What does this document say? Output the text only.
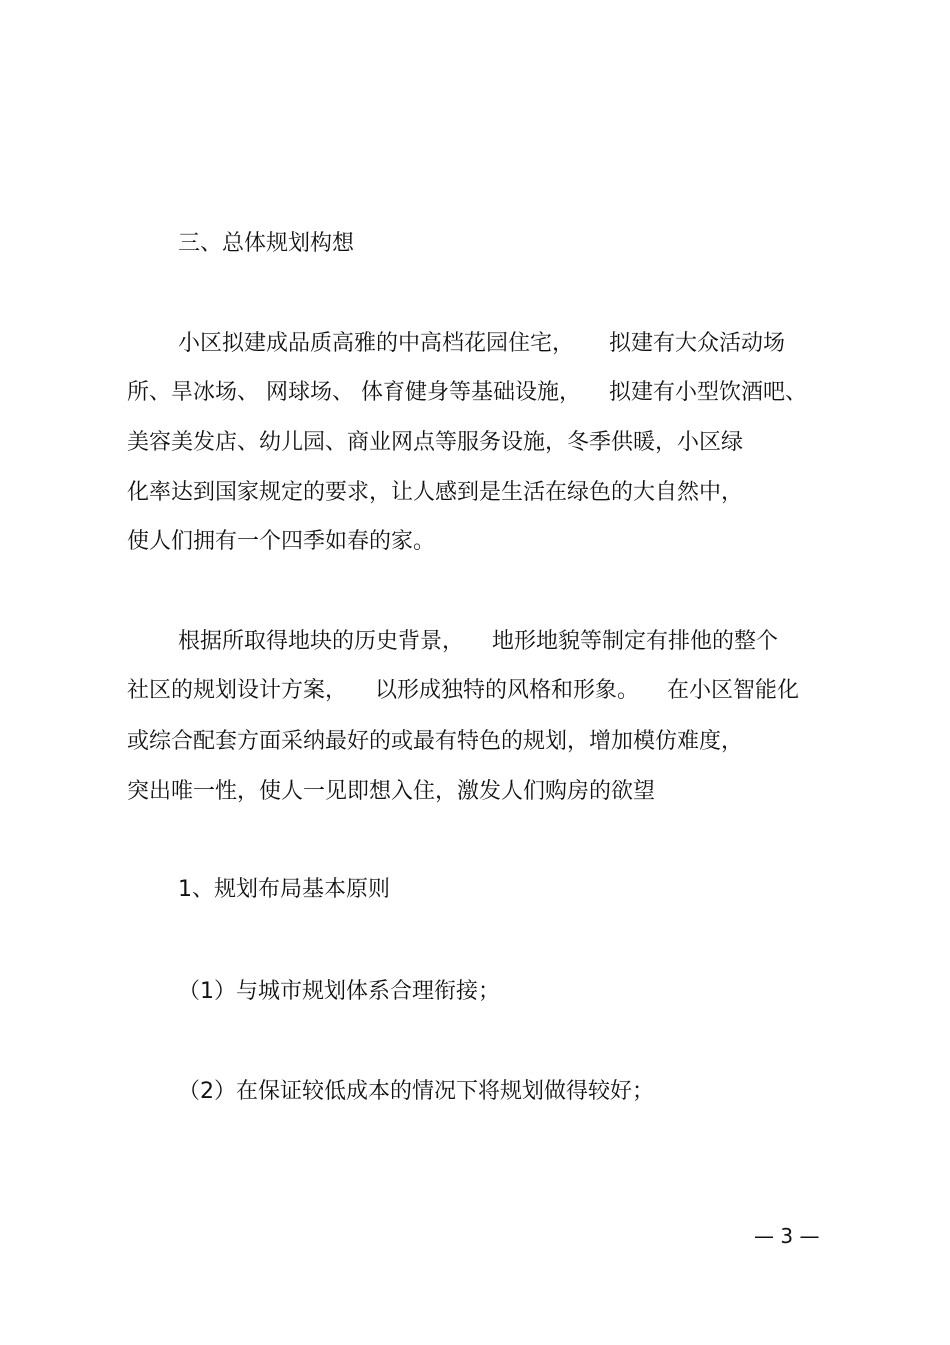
三、总体规划构想

小区拟建成品质高雅的中高档花园住宅，     拟建有大众活动场

所、旱冰场、 网球场、 体育健身等基础设施，    拟建有小型饮酒吧、

美容美发店、幼儿园、商业网点等服务设施，冬季供暖，小区绿

化率达到国家规定的要求，让人感到是生活在绿色的大自然中，

使人们拥有一个四季如春的家。

根据所取得地块的历史背景，    地形地貌等制定有排他的整个

社区的规划设计方案，    以形成独特的风格和形象。    在小区智能化

或综合配套方面采纳最好的或最有特色的规划，增加模仿难度，

突出唯一性，使人一见即想入住，激发人们购房的欲望

1、规划布局基本原则

（1）与城市规划体系合理衔接；

（2）在保证较低成本的情况下将规划做得较好；

— 3 —
